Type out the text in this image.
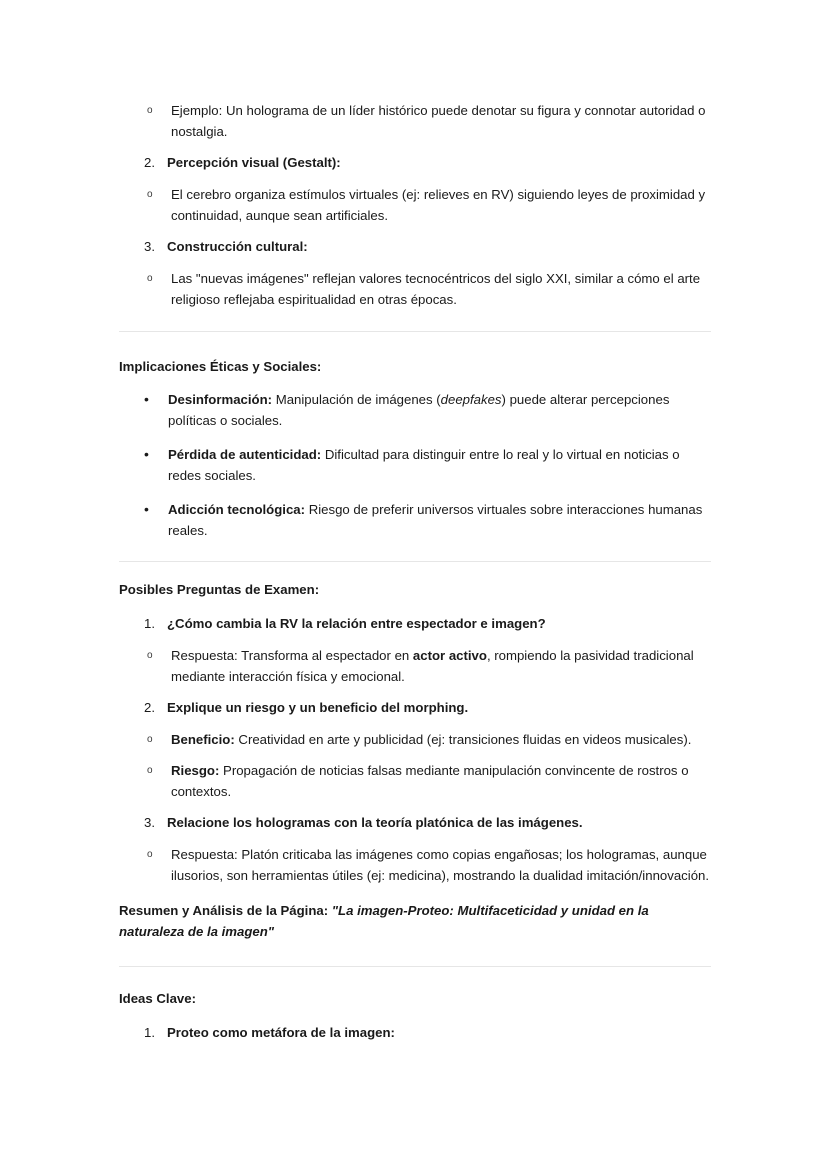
o Ejemplo: Un holograma de un líder histórico puede denotar su figura y connotar autoridad o nostalgia.
2. Percepción visual (Gestalt):
o El cerebro organiza estímulos virtuales (ej: relieves en RV) siguiendo leyes de proximidad y continuidad, aunque sean artificiales.
3. Construcción cultural:
o Las "nuevas imágenes" reflejan valores tecnocéntricos del siglo XXI, similar a cómo el arte religioso reflejaba espiritualidad en otras épocas.
Implicaciones Éticas y Sociales:
• Desinformación: Manipulación de imágenes (deepfakes) puede alterar percepciones políticas o sociales.
• Pérdida de autenticidad: Dificultad para distinguir entre lo real y lo virtual en noticias o redes sociales.
• Adicción tecnológica: Riesgo de preferir universos virtuales sobre interacciones humanas reales.
Posibles Preguntas de Examen:
1. ¿Cómo cambia la RV la relación entre espectador e imagen?
o Respuesta: Transforma al espectador en actor activo, rompiendo la pasividad tradicional mediante interacción física y emocional.
2. Explique un riesgo y un beneficio del morphing.
o Beneficio: Creatividad en arte y publicidad (ej: transiciones fluidas en videos musicales).
o Riesgo: Propagación de noticias falsas mediante manipulación convincente de rostros o contextos.
3. Relacione los hologramas con la teoría platónica de las imágenes.
o Respuesta: Platón criticaba las imágenes como copias engañosas; los hologramas, aunque ilusorios, son herramientas útiles (ej: medicina), mostrando la dualidad imitación/innovación.
Resumen y Análisis de la Página: "La imagen-Proteo: Multifaceticidad y unidad en la naturaleza de la imagen"
Ideas Clave:
1. Proteo como metáfora de la imagen:
